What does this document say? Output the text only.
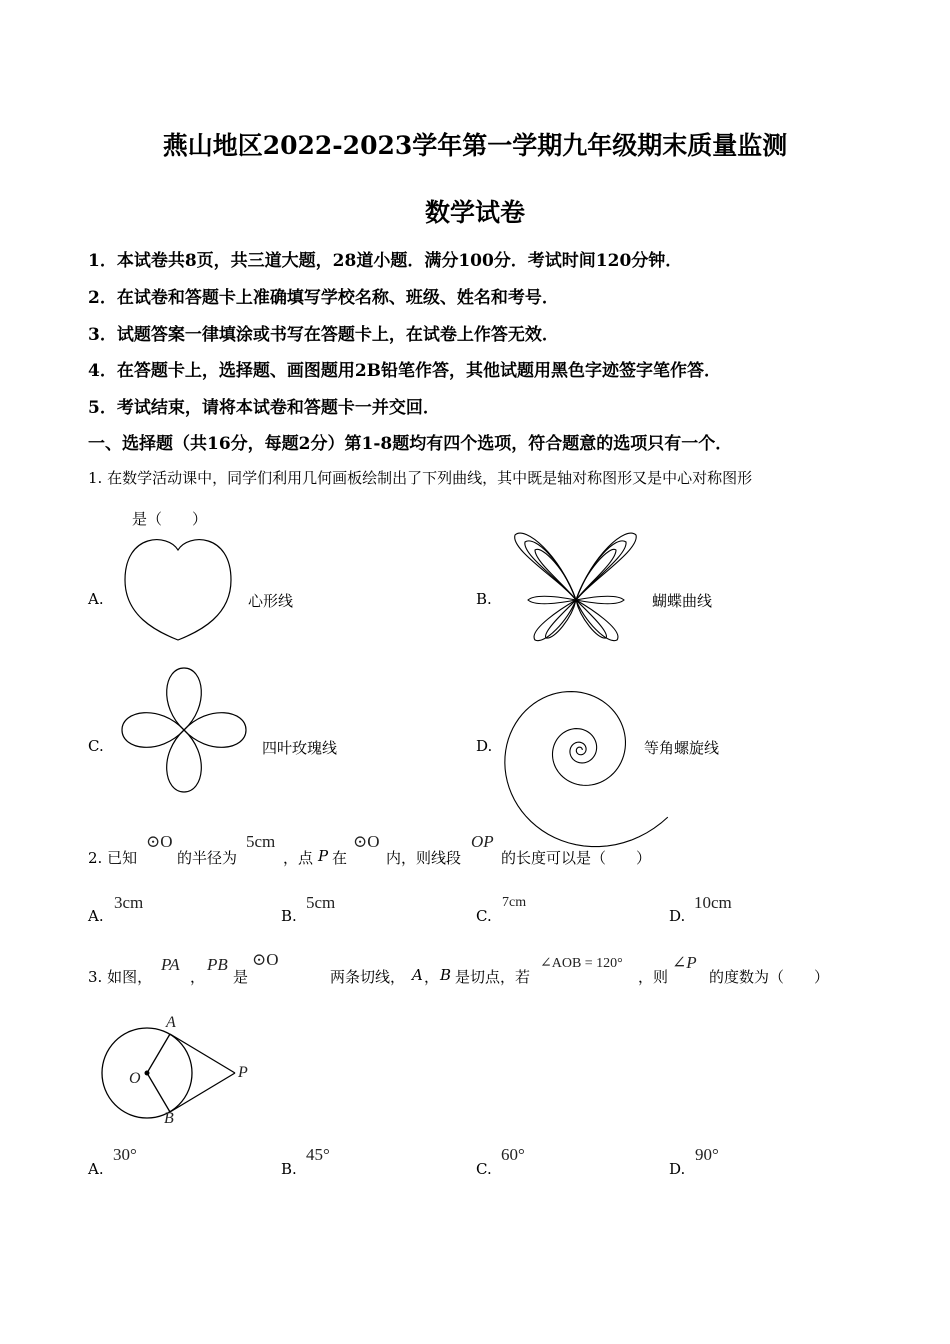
燕山地区2022-2023学年第一学期九年级期末质量监测
数学试卷
1．本试卷共8页，共三道大题，28道小题．满分100分．考试时间120分钟．
2．在试卷和答题卡上准确填写学校名称、班级、姓名和考号．
3．试题答案一律填涂或书写在答题卡上，在试卷上作答无效．
4．在答题卡上，选择题、画图题用2B铅笔作答，其他试题用黑色字迹签字笔作答．
5．考试结束，请将本试卷和答题卡一并交回．
一、选择题（共16分，每题2分）第1-8题均有四个选项，符合题意的选项只有一个．
1. 在数学活动课中，同学们利用几何画板绘制出了下列曲线，其中既是轴对称图形又是中心对称图形
是（　　）
A.	心形线	B.	蝴蝶曲线
C.	四叶玫瑰线	D.	等角螺旋线
2. 已知
⊙O
的半径为
5cm
，点 P 在
⊙O
内，则线段
OP
的长度可以是（　　）
A.
3cm
B.
5cm
C.
7cm
D.
10cm
3. 如图，
PA
，
PB
是
⊙O
两条切线， A ， B 是切点，若
∠AOB = 120°
，则
∠P
的度数为（　　）
A
B
O	P
A.
30°
B.
45°
C.
60°
D.
90°
